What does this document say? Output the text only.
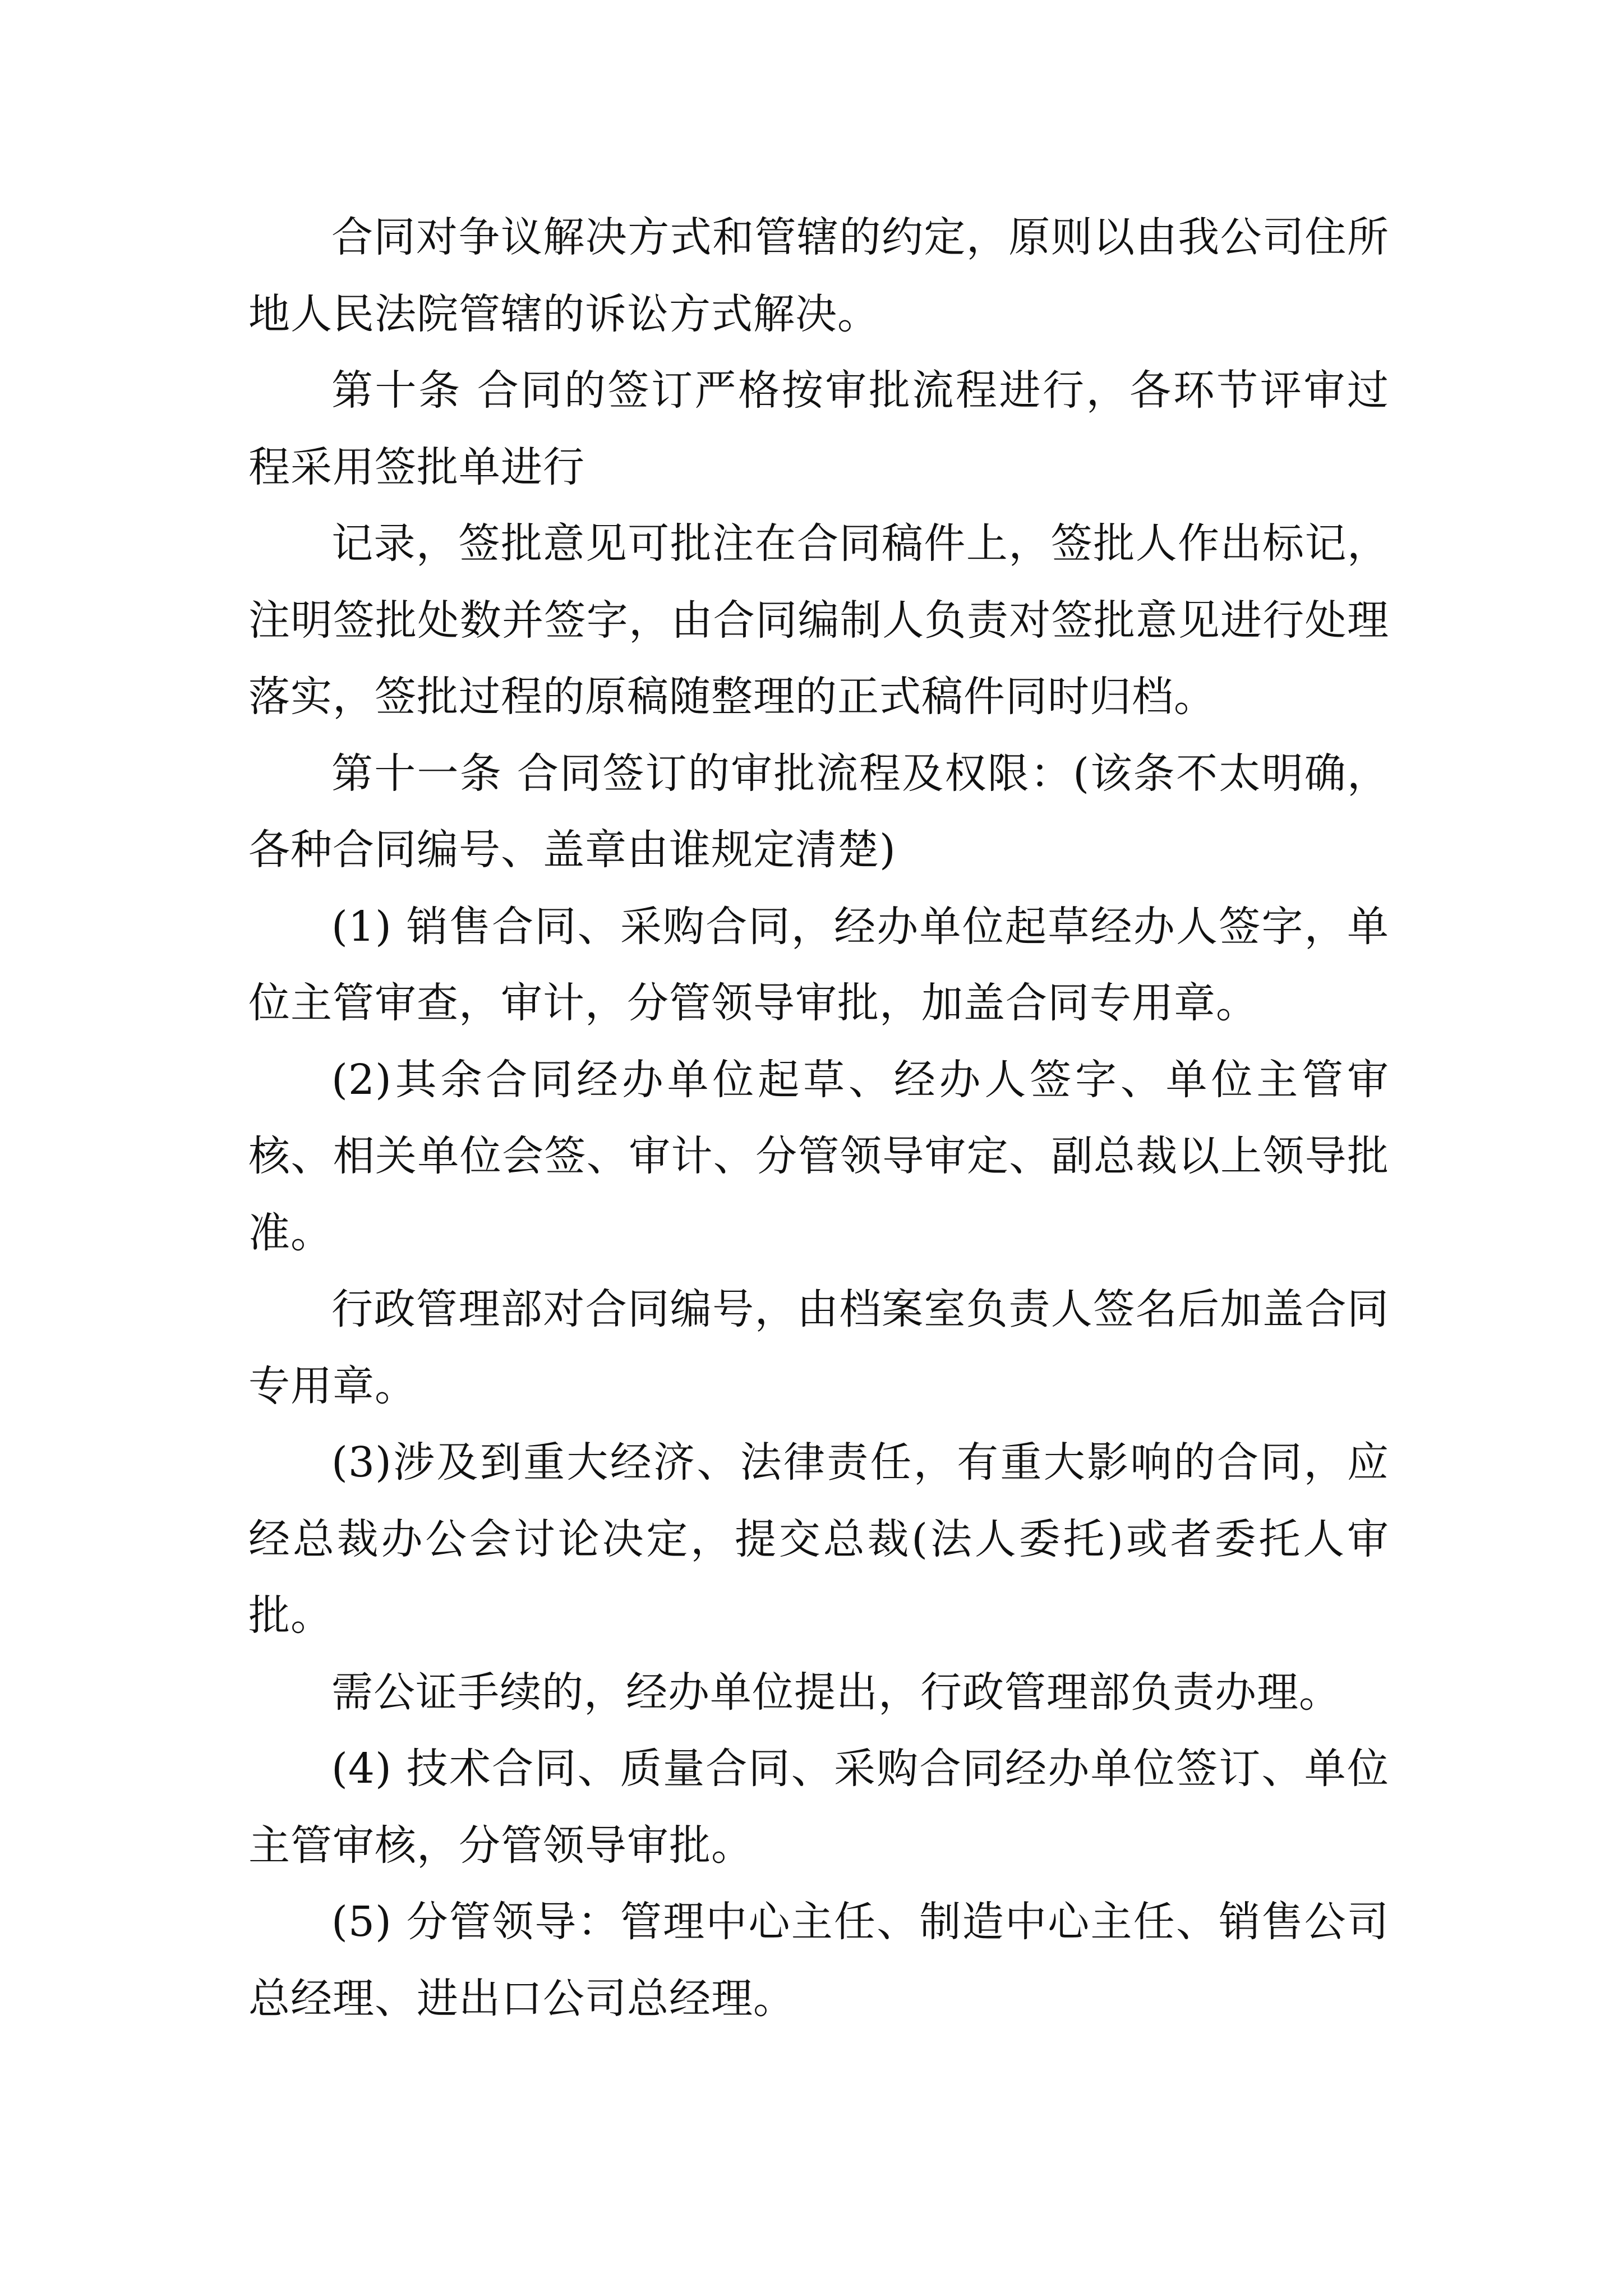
合同对争议解决方式和管辖的约定，原则以由我公司住所地人民法院管辖的诉讼方式解决。

第十条 合同的签订严格按审批流程进行，各环节评审过程采用签批单进行

记录，签批意见可批注在合同稿件上，签批人作出标记，注明签批处数并签字，由合同编制人负责对签批意见进行处理落实，签批过程的原稿随整理的正式稿件同时归档。

第十一条 合同签订的审批流程及权限：(该条不太明确，各种合同编号、盖章由谁规定清楚)

(1) 销售合同、采购合同，经办单位起草经办人签字，单位主管审查，审计，分管领导审批，加盖合同专用章。

(2)其余合同经办单位起草、经办人签字、单位主管审核、相关单位会签、审计、分管领导审定、副总裁以上领导批准。

行政管理部对合同编号，由档案室负责人签名后加盖合同专用章。

(3)涉及到重大经济、法律责任，有重大影响的合同，应经总裁办公会讨论决定，提交总裁(法人委托)或者委托人审批。

需公证手续的，经办单位提出，行政管理部负责办理。

(4) 技术合同、质量合同、采购合同经办单位签订、单位主管审核，分管领导审批。

(5) 分管领导：管理中心主任、制造中心主任、销售公司总经理、进出口公司总经理。
